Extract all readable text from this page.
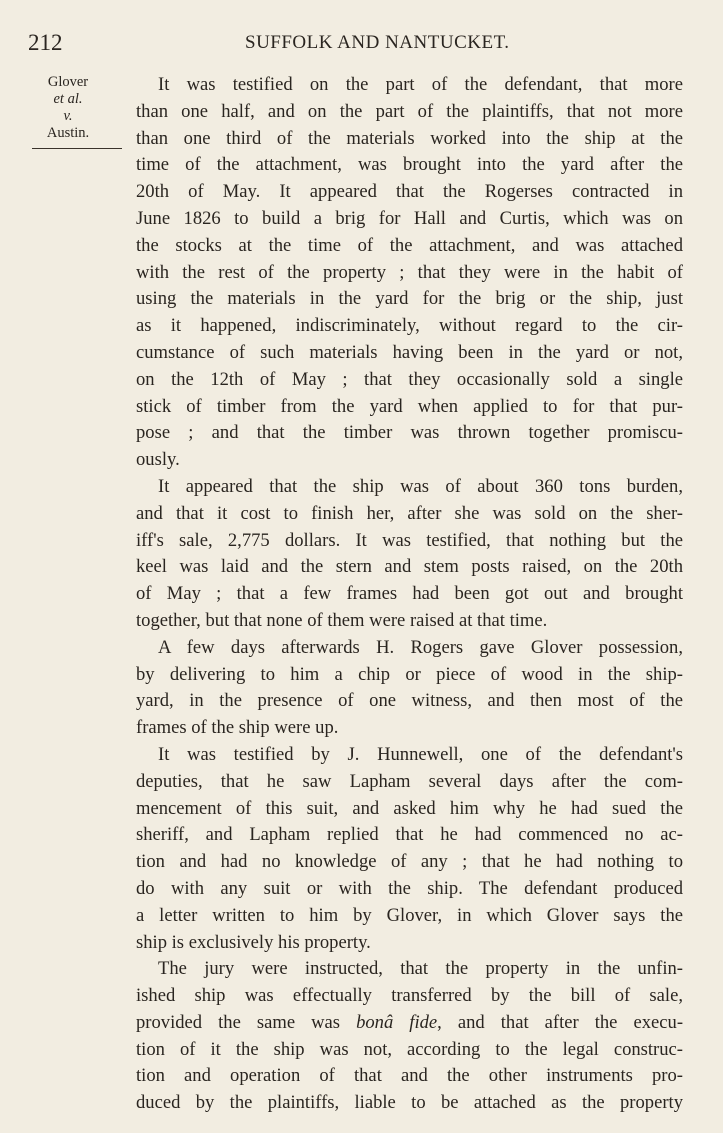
212	SUFFOLK AND NANTUCKET.
Glover
et al.
v.
Austin.
It was testified on the part of the defendant, that more
than one half, and on the part of the plaintiffs, that not more
than one third of the materials worked into the ship at the
time of the attachment, was brought into the yard after the
20th of May. It appeared that the Rogerses contracted in
June 1826 to build a brig for Hall and Curtis, which was on
the stocks at the time of the attachment, and was attached
with the rest of the property ; that they were in the habit of
using the materials in the yard for the brig or the ship, just
as it happened, indiscriminately, without regard to the cir-
cumstance of such materials having been in the yard or not,
on the 12th of May ; that they occasionally sold a single
stick of timber from the yard when applied to for that pur-
pose ; and that the timber was thrown together promiscu-
ously.
It appeared that the ship was of about 360 tons burden,
and that it cost to finish her, after she was sold on the sher-
iff's sale, 2,775 dollars. It was testified, that nothing but the
keel was laid and the stern and stem posts raised, on the 20th
of May ; that a few frames had been got out and brought
together, but that none of them were raised at that time.
A few days afterwards H. Rogers gave Glover possession,
by delivering to him a chip or piece of wood in the ship-
yard, in the presence of one witness, and then most of the
frames of the ship were up.
It was testified by J. Hunnewell, one of the defendant's
deputies, that he saw Lapham several days after the com-
mencement of this suit, and asked him why he had sued the
sheriff, and Lapham replied that he had commenced no ac-
tion and had no knowledge of any ; that he had nothing to
do with any suit or with the ship. The defendant produced
a letter written to him by Glover, in which Glover says the
ship is exclusively his property.
The jury were instructed, that the property in the unfin-
ished ship was effectually transferred by the bill of sale,
provided the same was bonâ fide, and that after the execu-
tion of it the ship was not, according to the legal construc-
tion and operation of that and the other instruments pro-
duced by the plaintiffs, liable to be attached as the property
